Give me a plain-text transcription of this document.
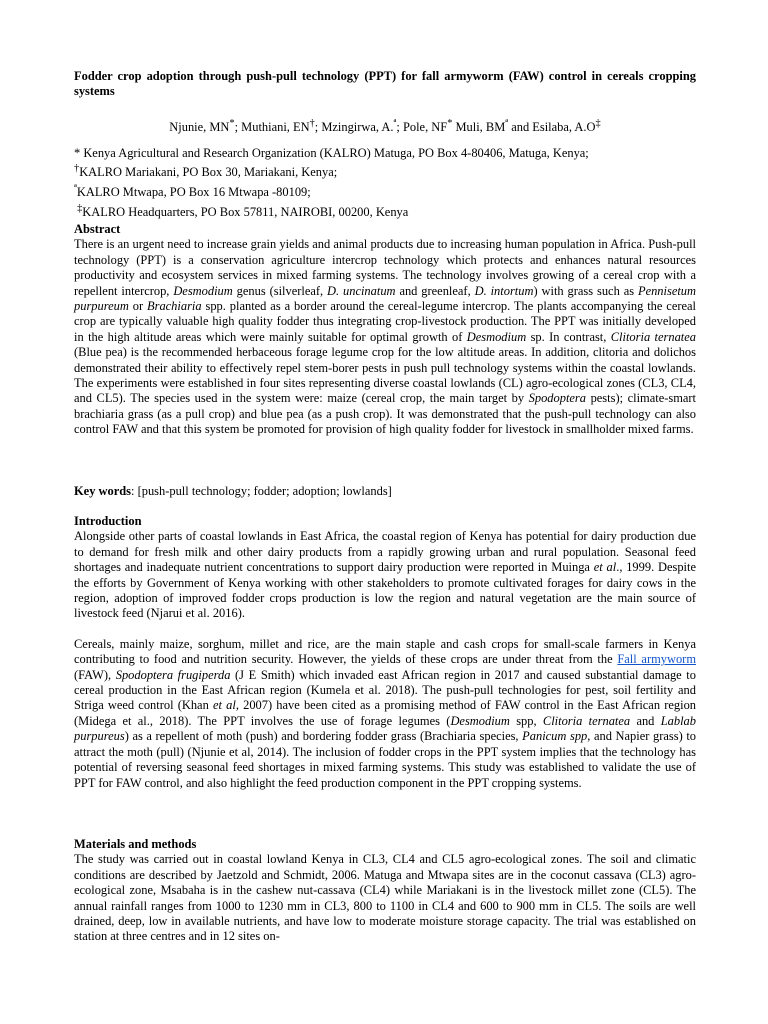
Fodder crop adoption through push-pull technology (PPT) for fall armyworm (FAW) control in cereals cropping systems
Njunie, MN*; Muthiani, EN†; Mzingirwa, A.$^ª$; Pole, NF* Muli, $BM^ª$ and Esilaba, A.O‡

* Kenya Agricultural and Research Organization (KALRO) Matuga, PO Box 4-80406, Matuga, Kenya;

†KALRO Mariakani, PO Box 30, Mariakani, Kenya;

$^ª$KALRO Mtwapa, PO Box 16 Mtwapa -80109;

‡KALRO Headquarters, PO Box 57811, NAIROBI, 00200, Kenya

Abstract

There is an urgent need to increase grain yields and animal products due to increasing human population in Africa. Push-pull technology (PPT) is a conservation agriculture intercrop technology which protects and enhances natural resources productivity and ecosystem services in mixed farming systems. The technology involves growing of a cereal crop with a repellent intercrop, Desmodium genus (silverleaf, D. uncinatum and greenleaf, D. intortum) with grass such as Pennisetum purpureum or Brachiaria spp. planted as a border around the cereal-legume intercrop. The plants accompanying the cereal crop are typically valuable high quality fodder thus integrating crop-livestock production. The PPT was initially developed in the high altitude areas which were mainly suitable for optimal growth of Desmodium sp. In contrast, Clitoria ternatea (Blue pea) is the recommended herbaceous forage legume crop for the low altitude areas. In addition, clitoria and dolichos demonstrated their ability to effectively repel stem-borer pests in push pull technology systems within the coastal lowlands. The experiments were established in four sites representing diverse coastal lowlands (CL) agro-ecological zones (CL3, CL4, and CL5). The species used in the system were: maize (cereal crop, the main target by Spodoptera pests); climate-smart brachiaria grass (as a pull crop) and blue pea (as a push crop). It was demonstrated that the push-pull technology can also control FAW and that this system be promoted for provision of high quality fodder for livestock in smallholder mixed farms.

Key words: [push-pull technology; fodder; adoption; lowlands]

Introduction

Alongside other parts of coastal lowlands in East Africa, the coastal region of Kenya has potential for dairy production due to demand for fresh milk and other dairy products from a rapidly growing urban and rural population. Seasonal feed shortages and inadequate nutrient concentrations to support dairy production were reported in Muinga et al., 1999. Despite the efforts by Government of Kenya working with other stakeholders to promote cultivated forages for dairy cows in the region, adoption of improved fodder crops production is low the region and natural vegetation are the main source of livestock feed (Njarui et al. 2016).

Cereals, mainly maize, sorghum, millet and rice, are the main staple and cash crops for small-scale farmers in Kenya contributing to food and nutrition security. However, the yields of these crops are under threat from the Fall armyworm (FAW), Spodoptera frugiperda (J E Smith) which invaded east African region in 2017 and caused substantial damage to cereal production in the East African region (Kumela et al. 2018). The push-pull technologies for pest, soil fertility and Striga weed control (Khan et al, 2007) have been cited as a promising method of FAW control in the East African region (Midega et al., 2018). The PPT involves the use of forage legumes (Desmodium spp, Clitoria ternatea and Lablab purpureus) as a repellent of moth (push) and bordering fodder grass (Brachiaria species, Panicum spp, and Napier grass) to attract the moth (pull) (Njunie et al, 2014). The inclusion of fodder crops in the PPT system implies that the technology has potential of reversing seasonal feed shortages in mixed farming systems. This study was established to validate the use of PPT for FAW control, and also highlight the feed production component in the PPT cropping systems.

Materials and methods

The study was carried out in coastal lowland Kenya in CL3, CL4 and CL5 agro-ecological zones. The soil and climatic conditions are described by Jaetzold and Schmidt, 2006. Matuga and Mtwapa sites are in the coconut cassava (CL3) agro-ecological zone, Msabaha is in the cashew nut-cassava (CL4) while Mariakani is in the livestock millet zone (CL5). The annual rainfall ranges from 1000 to 1230 mm in CL3, 800 to 1100 in CL4 and 600 to 900 mm in CL5. The soils are well drained, deep, low in available nutrients, and have low to moderate moisture storage capacity. The trial was established on station at three centres and in 12 sites on-
